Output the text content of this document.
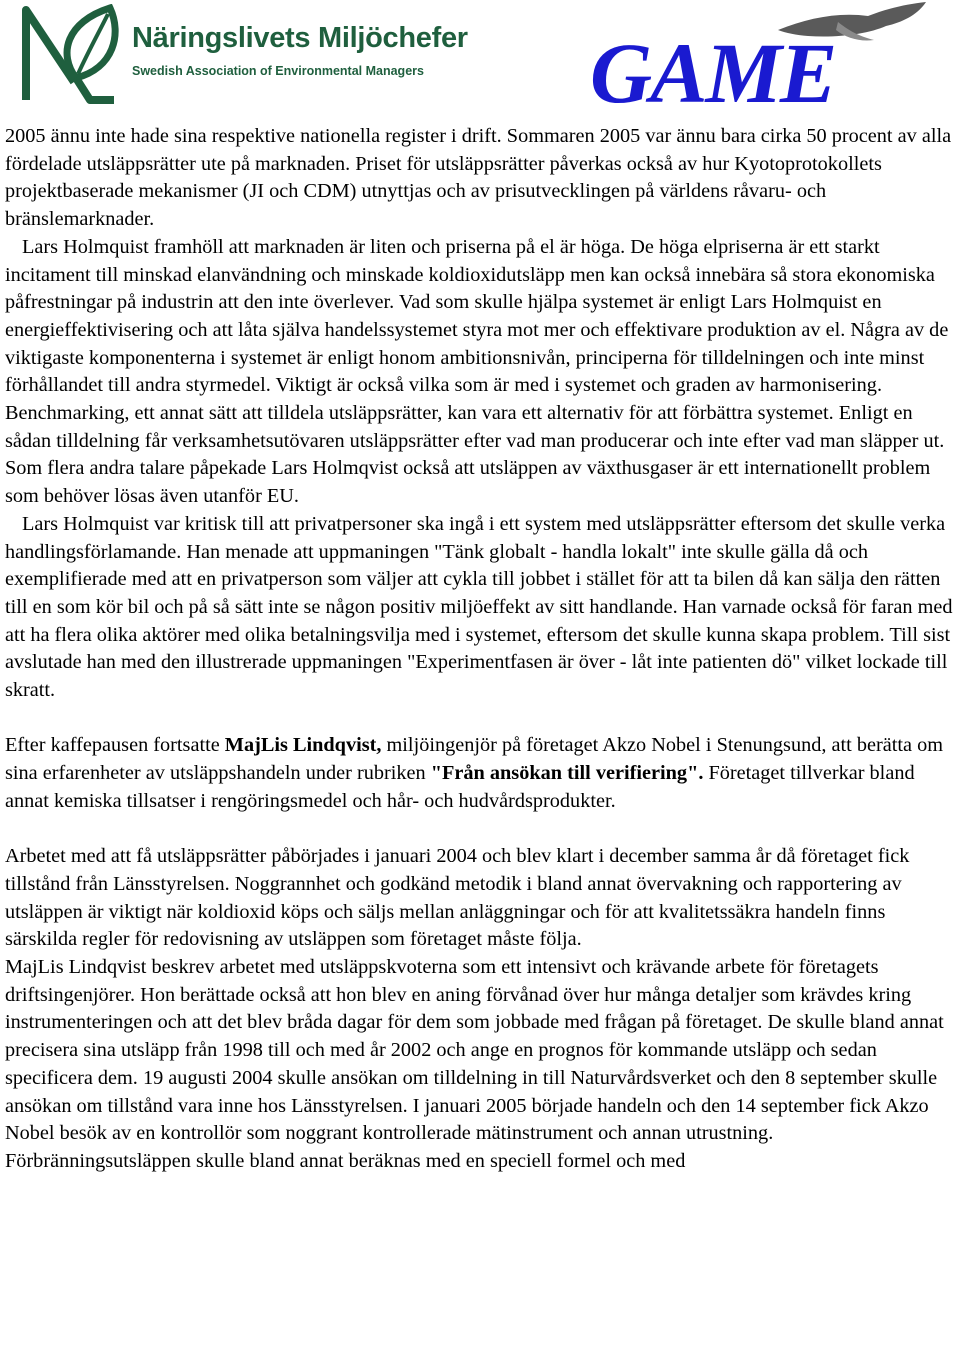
Näringslivets Miljöchefer
Swedish Association of Environmental Managers GAME

2005 ännu inte hade sina respektive nationella register i drift. Sommaren 2005 var ännu bara cirka 50 procent av alla fördelade utsläppsrätter ute på marknaden. Priset för utsläppsrätter påverkas också av hur Kyotoprotokollets projektbaserade mekanismer (JI och CDM) utnyttjas och av prisutvecklingen på världens råvaru- och bränslemarknader.

Lars Holmquist framhöll att marknaden är liten och priserna på el är höga. De höga elpriserna är ett starkt incitament till minskad elanvändning och minskade koldioxidutsläpp men kan också innebära så stora ekonomiska påfrestningar på industrin att den inte överlever. Vad som skulle hjälpa systemet är enligt Lars Holmquist en energieffektivisering och att låta själva handelssystemet styra mot mer och effektivare produktion av el. Några av de viktigaste komponenterna i systemet är enligt honom ambitionsnivån, principerna för tilldelningen och inte minst förhållandet till andra styrmedel. Viktigt är också vilka som är med i systemet och graden av harmonisering. Benchmarking, ett annat sätt att tilldela utsläppsrätter, kan vara ett alternativ för att förbättra systemet. Enligt en sådan tilldelning får verksamhetsutövaren utsläppsrätter efter vad man producerar och inte efter vad man släpper ut. Som flera andra talare påpekade Lars Holmqvist också att utsläppen av växthusgaser är ett internationellt problem som behöver lösas även utanför EU.

Lars Holmquist var kritisk till att privatpersoner ska ingå i ett system med utsläppsrätter eftersom det skulle verka handlingsförlamande. Han menade att uppmaningen "Tänk globalt - handla lokalt" inte skulle gälla då och exemplifierade med att en privatperson som väljer att cykla till jobbet i stället för att ta bilen då kan sälja den rätten till en som kör bil och på så sätt inte se någon positiv miljöeffekt av sitt handlande. Han varnade också för faran med att ha flera olika aktörer med olika betalningsvilja med i systemet, eftersom det skulle kunna skapa problem. Till sist avslutade han med den illustrerade uppmaningen "Experimentfasen är över - låt inte patienten dö" vilket lockade till skratt.

Efter kaffepausen fortsatte MajLis Lindqvist, miljöingenjör på företaget Akzo Nobel i Stenungsund, att berätta om sina erfarenheter av utsläppshandeln under rubriken "Från ansökan till verifiering". Företaget tillverkar bland annat kemiska tillsatser i rengöringsmedel och hår- och hudvårdsprodukter.

Arbetet med att få utsläppsrätter påbörjades i januari 2004 och blev klart i december samma år då företaget fick tillstånd från Länsstyrelsen. Noggrannhet och godkänd metodik i bland annat övervakning och rapportering av utsläppen är viktigt när koldioxid köps och säljs mellan anläggningar och för att kvalitetssäkra handeln finns särskilda regler för redovisning av utsläppen som företaget måste följa.

MajLis Lindqvist beskrev arbetet med utsläppskvoterna som ett intensivt och krävande arbete för företagets driftsingenjörer. Hon berättade också att hon blev en aning förvånad över hur många detaljer som krävdes kring instrumenteringen och att det blev bråda dagar för dem som jobbade med frågan på företaget. De skulle bland annat precisera sina utsläpp från 1998 till och med år 2002 och ange en prognos för kommande utsläpp och sedan specificera dem. 19 augusti 2004 skulle ansökan om tilldelning in till Naturvårdsverket och den 8 september skulle ansökan om tillstånd vara inne hos Länsstyrelsen. I januari 2005 började handeln och den 14 september fick Akzo Nobel besök av en kontrollör som noggrant kontrollerade mätinstrument och annan utrustning. Förbränningsutsläppen skulle bland annat beräknas med en speciell formel och med
